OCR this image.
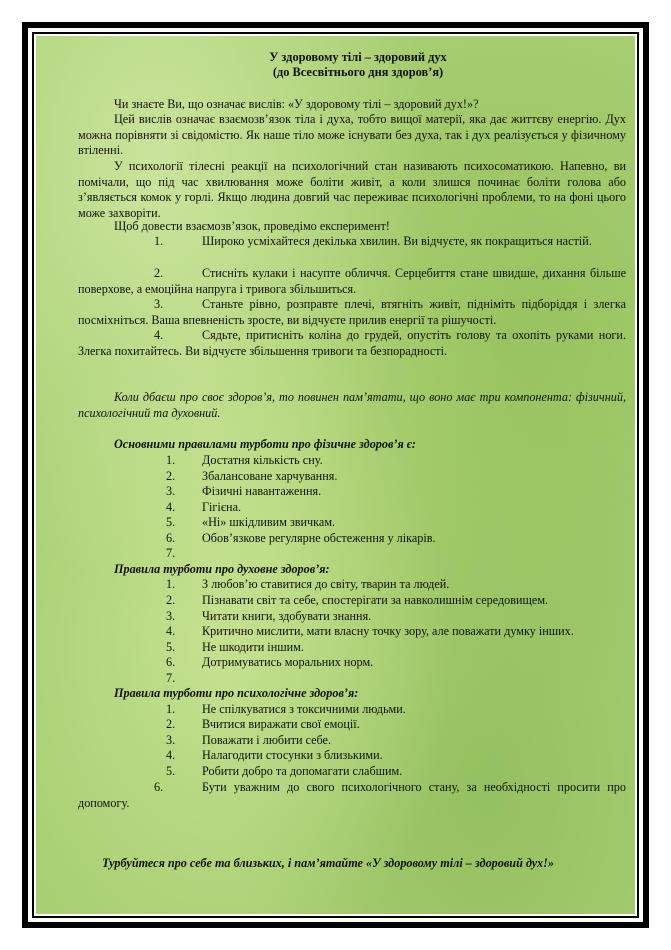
У здоровому тілі – здоровий дух
(до Всесвітнього дня здоров’я)

Чи знаєте Ви, що означає вислів: «У здоровому тілі – здоровий дух!»?

Цей вислів означає взаємозв’язок тіла і духа, тобто вищої матерії, яка дає життєву енергію. Дух можна порівняти зі свідомістю. Як наше тіло може існувати без духа, так і дух реалізується у фізичному втіленні.

У психології тілесні реакції на психологічний стан називають психосоматикою. Напевно, ви помічали, що під час хвилювання може боліти живіт, а коли злишся починає боліти голова або з’являється комок у горлі. Якщо людина довгий час переживає психологічні проблеми, то на фоні цього може захворіти.

Щоб довести взаємозв’язок, проведімо експеримент!

1.	Широко усміхайтеся декілька хвилин. Ви відчуєте, як покращиться настій.

2.	Стисніть кулаки і насупте обличчя. Серцебиття стане швидше, дихання більше поверхове, а емоційна напруга і тривога збільшиться.

3.	Станьте рівно, розправте плечі, втягніть живіт, підніміть підборіддя і злегка посміхніться. Ваша впевненість зросте, ви відчуєте прилив енергії та рішучості.

4.	Сядьте, притисніть коліна до грудей, опустіть голову та охопіть руками ноги. Злегка похитайтесь. Ви відчуєте збільшення тривоги та безпорадності.

Коли дбаєш про своє здоров’я, то повинен пам’ятати, що воно має три компонента: фізичний, психологічний та духовний.
Основними правилами турботи про фізичне здоров’я є:
1. Достатня кількість сну.
2. Збалансоване харчування.
3. Фізичні навантаження.
4. Гігієна.
5. «Ні» шкідливим звичкам.
6. Обов’язкове регулярне обстеження у лікарів.
7.
Правила турботи про духовне здоров’я:
1. З любов’ю ставитися до світу, тварин та людей.
2. Пізнавати світ та себе, спостерігати за навколишнім середовищем.
3. Читати книги, здобувати знання.
4. Критично мислити, мати власну точку зору, але поважати думку інших.
5. Не шкодити іншим.
6. Дотримуватись моральних норм.
7.
Правила турботи про психологічне здоров’я:
1. Не спілкуватися з токсичними людьми.
2. Вчитися виражати свої емоції.
3. Поважати і любити себе.
4. Налагодити стосунки з близькими.
5. Робити добро та допомагати слабшим.

6.	Бути уважним до свого психологічного стану, за необхідності просити про допомогу.

Турбуйтеся про себе та близьких, і пам’ятайте «У здоровому тілі – здоровий дух!»
